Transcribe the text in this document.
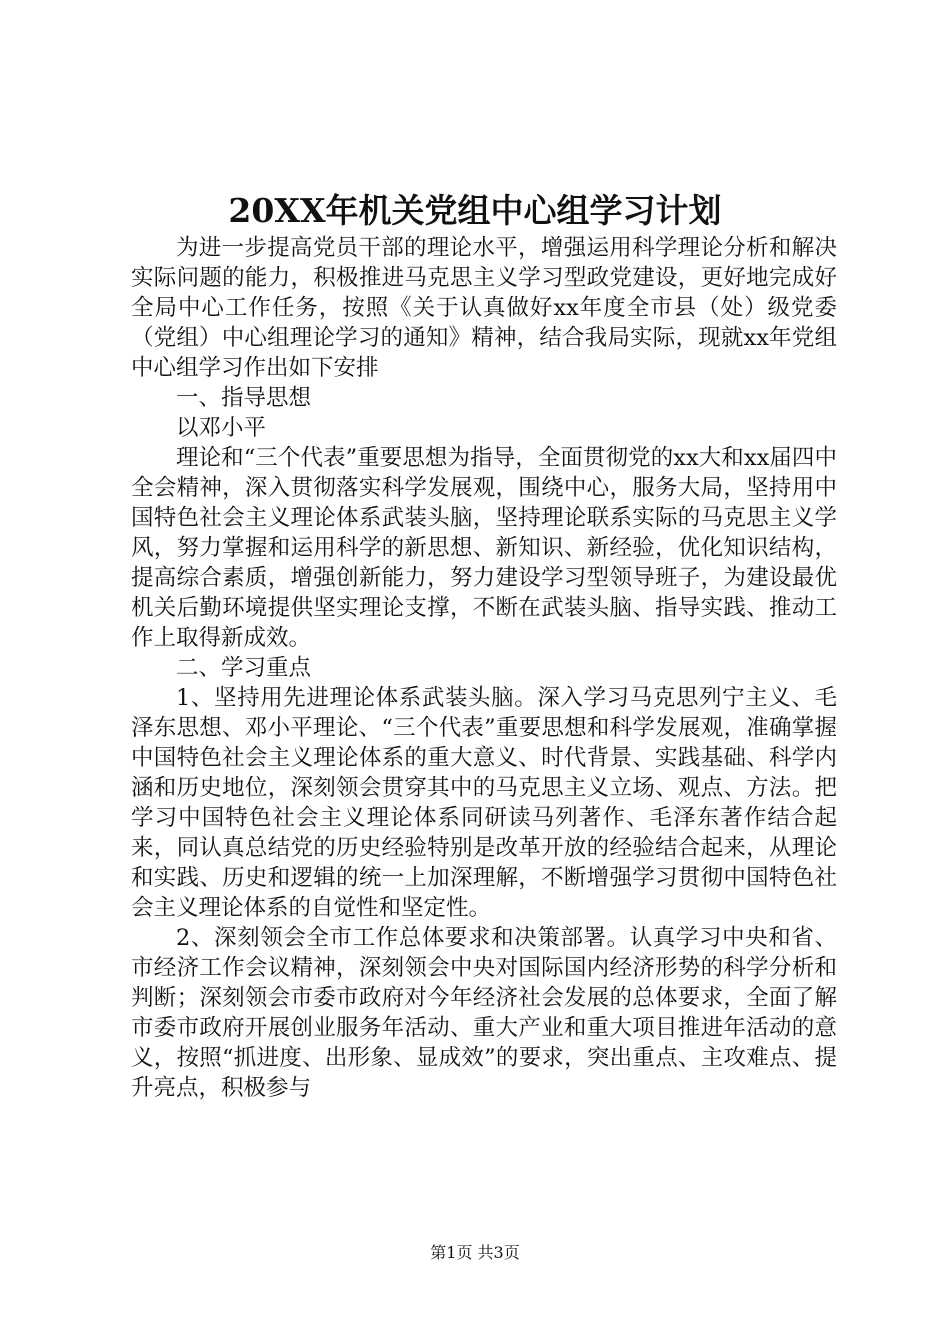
20XX年机关党组中心组学习计划

为进一步提高党员干部的理论水平，增强运用科学理论分析和解决实际问题的能力，积极推进马克思主义学习型政党建设，更好地完成好全局中心工作任务，按照《关于认真做好xx年度全市县（处）级党委（党组）中心组理论学习的通知》精神，结合我局实际，现就xx年党组中心组学习作出如下安排

一、指导思想

以邓小平

理论和“三个代表”重要思想为指导，全面贯彻党的xx大和xx届四中全会精神，深入贯彻落实科学发展观，围绕中心，服务大局，坚持用中国特色社会主义理论体系武装头脑，坚持理论联系实际的马克思主义学风，努力掌握和运用科学的新思想、新知识、新经验，优化知识结构，提高综合素质，增强创新能力，努力建设学习型领导班子，为建设最优机关后勤环境提供坚实理论支撑，不断在武装头脑、指导实践、推动工作上取得新成效。

二、学习重点

1、坚持用先进理论体系武装头脑。深入学习马克思列宁主义、毛泽东思想、邓小平理论、“三个代表”重要思想和科学发展观，准确掌握中国特色社会主义理论体系的重大意义、时代背景、实践基础、科学内涵和历史地位，深刻领会贯穿其中的马克思主义立场、观点、方法。把学习中国特色社会主义理论体系同研读马列著作、毛泽东著作结合起来，同认真总结党的历史经验特别是改革开放的经验结合起来，从理论和实践、历史和逻辑的统一上加深理解，不断增强学习贯彻中国特色社会主义理论体系的自觉性和坚定性。

2、深刻领会全市工作总体要求和决策部署。认真学习中央和省、市经济工作会议精神，深刻领会中央对国际国内经济形势的科学分析和判断；深刻领会市委市政府对今年经济社会发展的总体要求，全面了解市委市政府开展创业服务年活动、重大产业和重大项目推进年活动的意义，按照“抓进度、出形象、显成效”的要求，突出重点、主攻难点、提升亮点，积极参与

第1页 共3页
